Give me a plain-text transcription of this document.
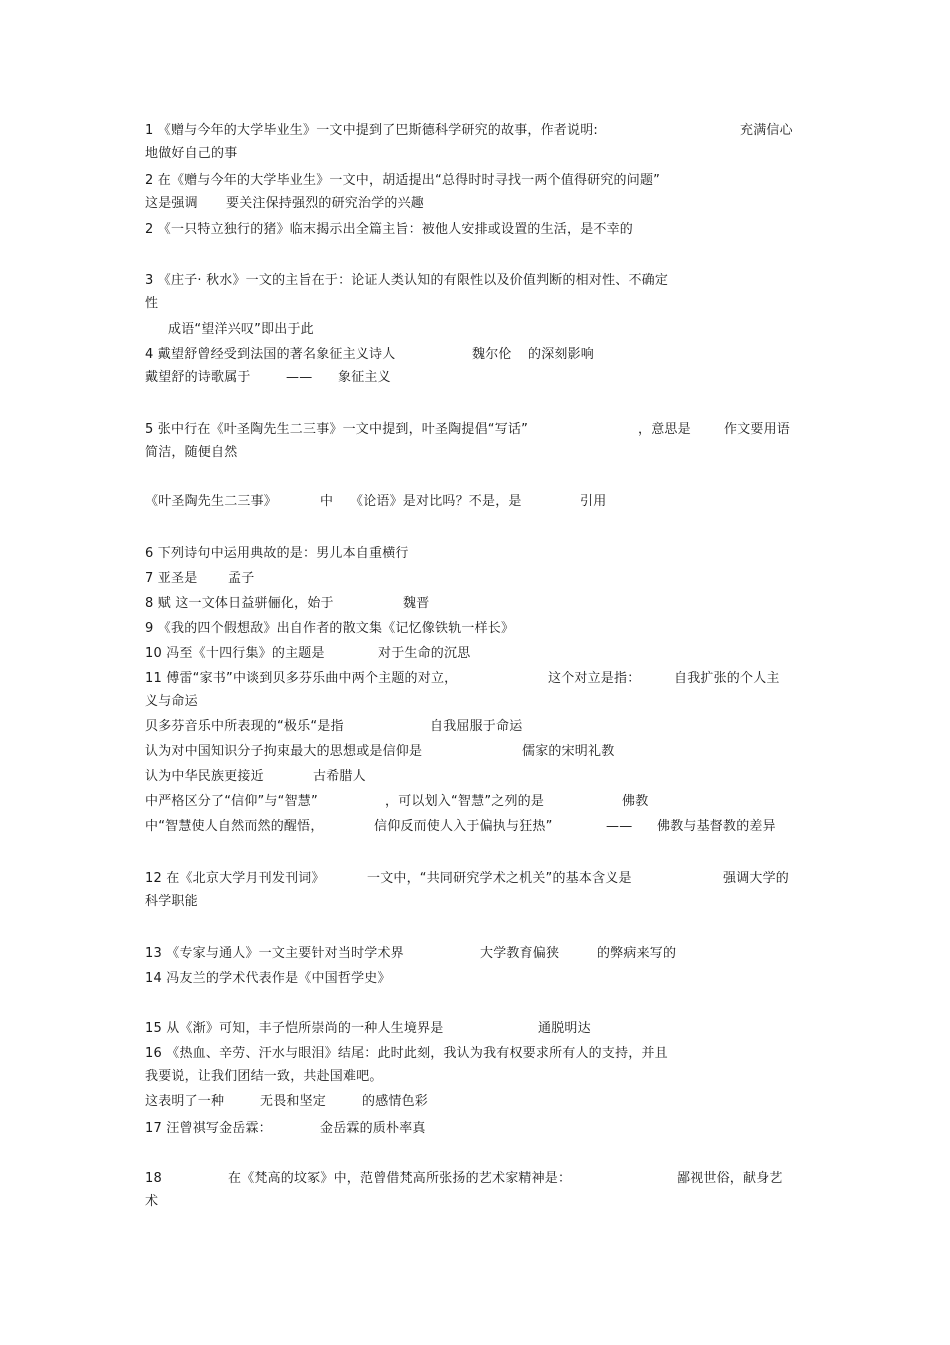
1 《赠与今年的大学毕业生》一文中提到了巴斯德科学研究的故事，作者说明:	充满信心
地做好自己的事
2 在《赠与今年的大学毕业生》一文中，胡适提出“总得时时寻找一两个值得研究的问题”
这是强调 要关注保持强烈的研究治学的兴趣
2 《一只特立独行的猪》临末揭示出全篇主旨：被他人安排或设置的生活，是不幸的
3 《庄子· 秋水》一文的主旨在于：论证人类认知的有限性以及价值判断的相对性、不确定
性
成语“望洋兴叹”即出于此
4 戴望舒曾经受到法国的著名象征主义诗人	魏尔伦 的深刻影响
戴望舒的诗歌属于	—— 象征主义
5 张中行在《叶圣陶先生二三事》一文中提到，叶圣陶提倡“写话”	，意思是	作文要用语
简洁，随便自然
《叶圣陶先生二三事》	中 《论语》是对比吗？不是，是	引用
6 下列诗句中运用典故的是：男儿本自重横行
7 亚圣是 孟子
8 赋 这一文体日益骈俪化，始于	魏晋
9 《我的四个假想敌》出自作者的散文集《记忆像铁轨一样长》
10 冯至《十四行集》的主题是	对于生命的沉思
11 傅雷“家书”中谈到贝多芬乐曲中两个主题的对立，	这个对立是指：	自我扩张的个人主
义与命运
贝多芬音乐中所表现的“极乐“是指	自我屈服于命运
认为对中国知识分子拘束最大的思想或是信仰是	儒家的宋明礼教
认为中华民族更接近	古希腊人
中严格区分了“信仰”与“智慧”	，可以划入“智慧”之列的是	佛教
中“智慧使人自然而然的醒悟，	信仰反而使人入于偏执与狂热”	—— 佛教与基督教的差异
12 在《北京大学月刊发刊词》	一文中，“共同研究学术之机关”的基本含义是	强调大学的
科学职能
13 《专家与通人》一文主要针对当时学术界	大学教育偏狭	的弊病来写的
14 冯友兰的学术代表作是《中国哲学史》
15 从《渐》可知，丰子恺所崇尚的一种人生境界是	通脱明达
16 《热血、辛劳、汗水与眼泪》结尾：此时此刻，我认为我有权要求所有人的支持，并且
我要说，让我们团结一致，共赴国难吧。
这表明了一种	无畏和坚定	的感情色彩
17 汪曾祺写金岳霖：	金岳霖的质朴率真
18	在《梵高的坟冢》中，范曾借梵高所张扬的艺术家精神是：	鄙视世俗，献身艺
术
